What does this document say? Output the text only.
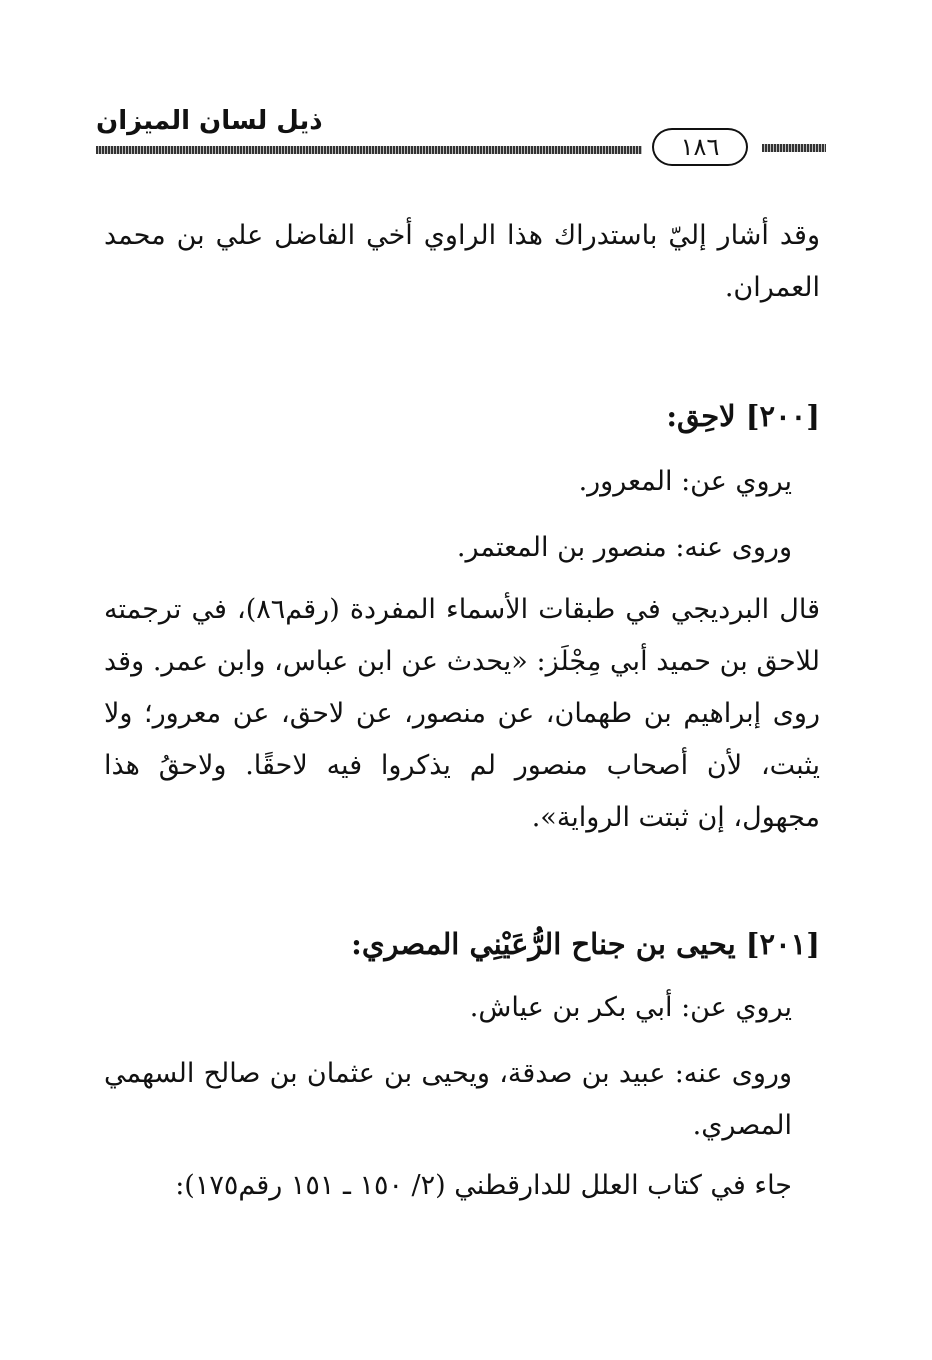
ذيل لسان الميزان
١٨٦
وقد أشار إليّ باستدراك هذا الراوي أخي الفاضل علي بن محمد العمران.
[٢٠٠] لاحِق:
يروي عن: المعرور.
وروى عنه: منصور بن المعتمر.
قال البرديجي في طبقات الأسماء المفردة (رقم٨٦)، في ترجمته للاحق بن حميد أبي مِجْلَز: «يحدث عن ابن عباس، وابن عمر. وقد روى إبراهيم بن طهمان، عن منصور، عن لاحق، عن معرور؛ ولا يثبت، لأن أصحاب منصور لم يذكروا فيه لاحقًا. ولاحقُ هذا مجهول، إن ثبتت الرواية».
[٢٠١] يحيى بن جناح الرُّعَيْنِي المصري:
يروي عن: أبي بكر بن عياش.
وروى عنه: عبيد بن صدقة، ويحيى بن عثمان بن صالح السهمي المصري.
جاء في كتاب العلل للدارقطني (٢/ ١٥٠ ـ ١٥١ رقم١٧٥):
